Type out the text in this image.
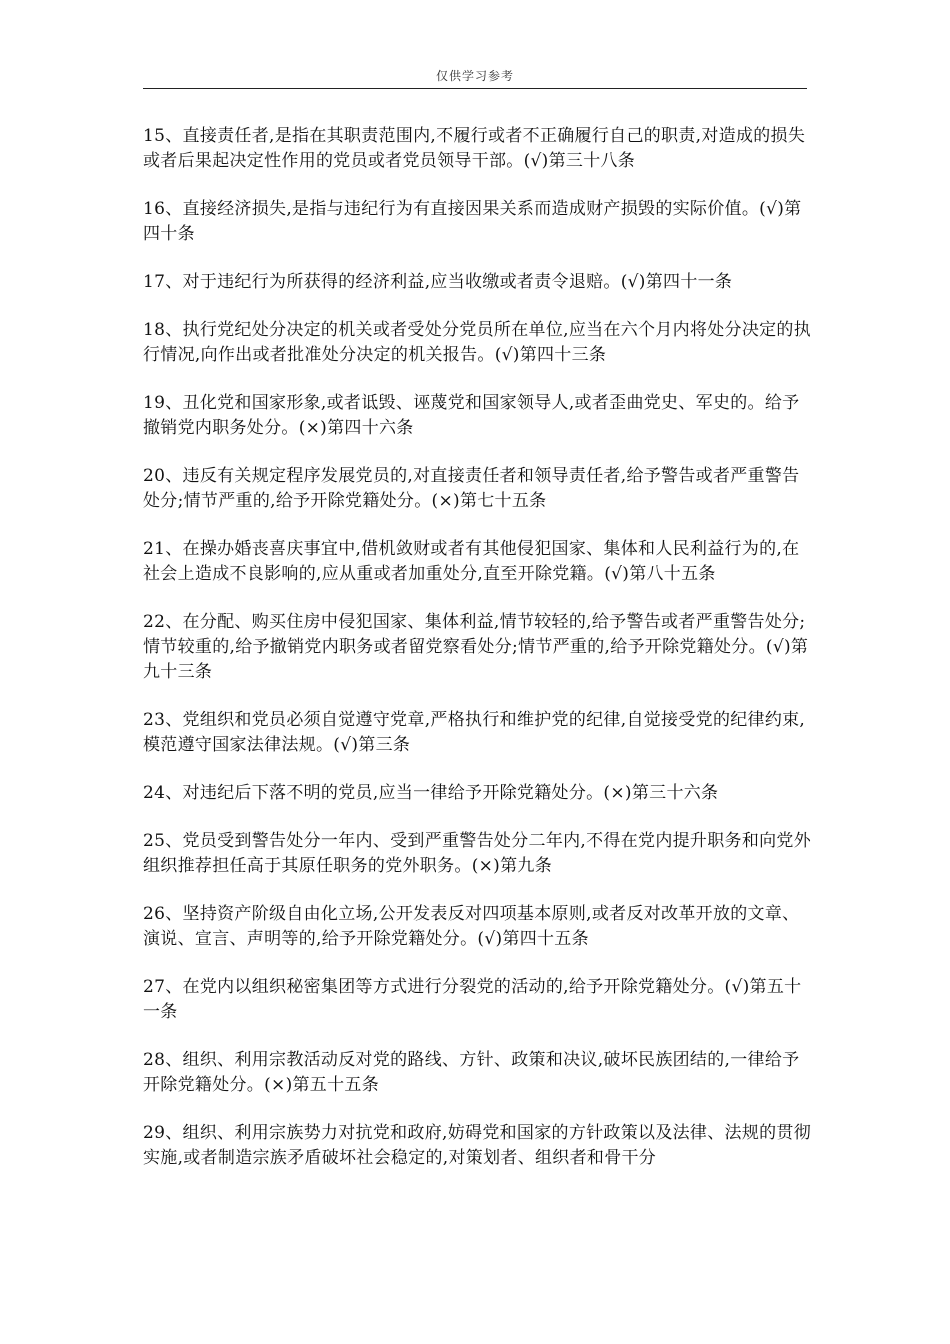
仅供学习参考

15、直接责任者,是指在其职责范围内,不履行或者不正确履行自己的职责,对造成的损失或者后果起决定性作用的党员或者党员领导干部。(√)第三十八条

16、直接经济损失,是指与违纪行为有直接因果关系而造成财产损毁的实际价值。(√)第四十条

17、对于违纪行为所获得的经济利益,应当收缴或者责令退赔。(√)第四十一条

18、执行党纪处分决定的机关或者受处分党员所在单位,应当在六个月内将处分决定的执行情况,向作出或者批准处分决定的机关报告。(√)第四十三条

19、丑化党和国家形象,或者诋毁、诬蔑党和国家领导人,或者歪曲党史、军史的。给予撤销党内职务处分。(×)第四十六条

20、违反有关规定程序发展党员的,对直接责任者和领导责任者,给予警告或者严重警告处分;情节严重的,给予开除党籍处分。(×)第七十五条

21、在操办婚丧喜庆事宜中,借机敛财或者有其他侵犯国家、集体和人民利益行为的,在社会上造成不良影响的,应从重或者加重处分,直至开除党籍。(√)第八十五条

22、在分配、购买住房中侵犯国家、集体利益,情节较轻的,给予警告或者严重警告处分;情节较重的,给予撤销党内职务或者留党察看处分;情节严重的,给予开除党籍处分。(√)第九十三条

23、党组织和党员必须自觉遵守党章,严格执行和维护党的纪律,自觉接受党的纪律约束,模范遵守国家法律法规。(√)第三条

24、对违纪后下落不明的党员,应当一律给予开除党籍处分。(×)第三十六条

25、党员受到警告处分一年内、受到严重警告处分二年内,不得在党内提升职务和向党外组织推荐担任高于其原任职务的党外职务。(×)第九条

26、坚持资产阶级自由化立场,公开发表反对四项基本原则,或者反对改革开放的文章、演说、宣言、声明等的,给予开除党籍处分。(√)第四十五条

27、在党内以组织秘密集团等方式进行分裂党的活动的,给予开除党籍处分。(√)第五十一条

28、组织、利用宗教活动反对党的路线、方针、政策和决议,破坏民族团结的,一律给予开除党籍处分。(×)第五十五条

29、组织、利用宗族势力对抗党和政府,妨碍党和国家的方针政策以及法律、法规的贯彻实施,或者制造宗族矛盾破坏社会稳定的,对策划者、组织者和骨干分
